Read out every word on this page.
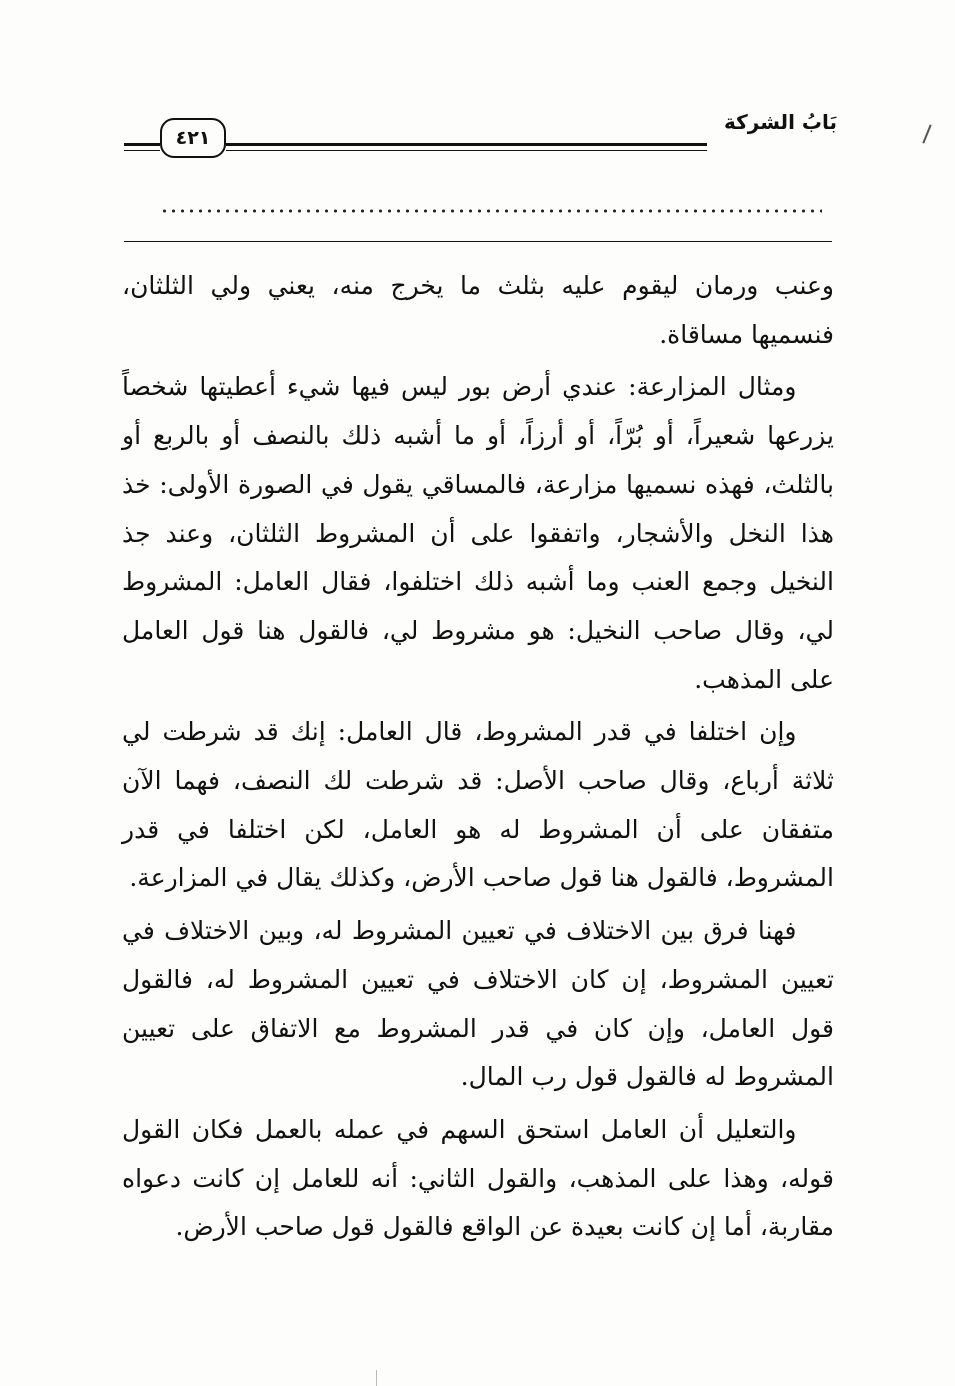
بَابُ الشركة
٤٢١

وعنب ورمان ليقوم عليه بثلث ما يخرج منه، يعني ولي الثلثان، فنسميها مساقاة.

ومثال المزارعة: عندي أرض بور ليس فيها شيء أعطيتها شخصاً يزرعها شعيراً، أو بُرّاً، أو أرزاً، أو ما أشبه ذلك بالنصف أو بالربع أو بالثلث، فهذه نسميها مزارعة، فالمساقي يقول في الصورة الأولى: خذ هذا النخل والأشجار، واتفقوا على أن المشروط الثلثان، وعند جذ النخيل وجمع العنب وما أشبه ذلك اختلفوا، فقال العامل: المشروط لي، وقال صاحب النخيل: هو مشروط لي، فالقول هنا قول العامل على المذهب.

وإن اختلفا في قدر المشروط، قال العامل: إنك قد شرطت لي ثلاثة أرباع، وقال صاحب الأصل: قد شرطت لك النصف، فهما الآن متفقان على أن المشروط له هو العامل، لكن اختلفا في قدر المشروط، فالقول هنا قول صاحب الأرض، وكذلك يقال في المزارعة.

فهنا فرق بين الاختلاف في تعيين المشروط له، وبين الاختلاف في تعيين المشروط، إن كان الاختلاف في تعيين المشروط له، فالقول قول العامل، وإن كان في قدر المشروط مع الاتفاق على تعيين المشروط له فالقول قول رب المال.

والتعليل أن العامل استحق السهم في عمله بالعمل فكان القول قوله، وهذا على المذهب، والقول الثاني: أنه للعامل إن كانت دعواه مقاربة، أما إن كانت بعيدة عن الواقع فالقول قول صاحب الأرض.
